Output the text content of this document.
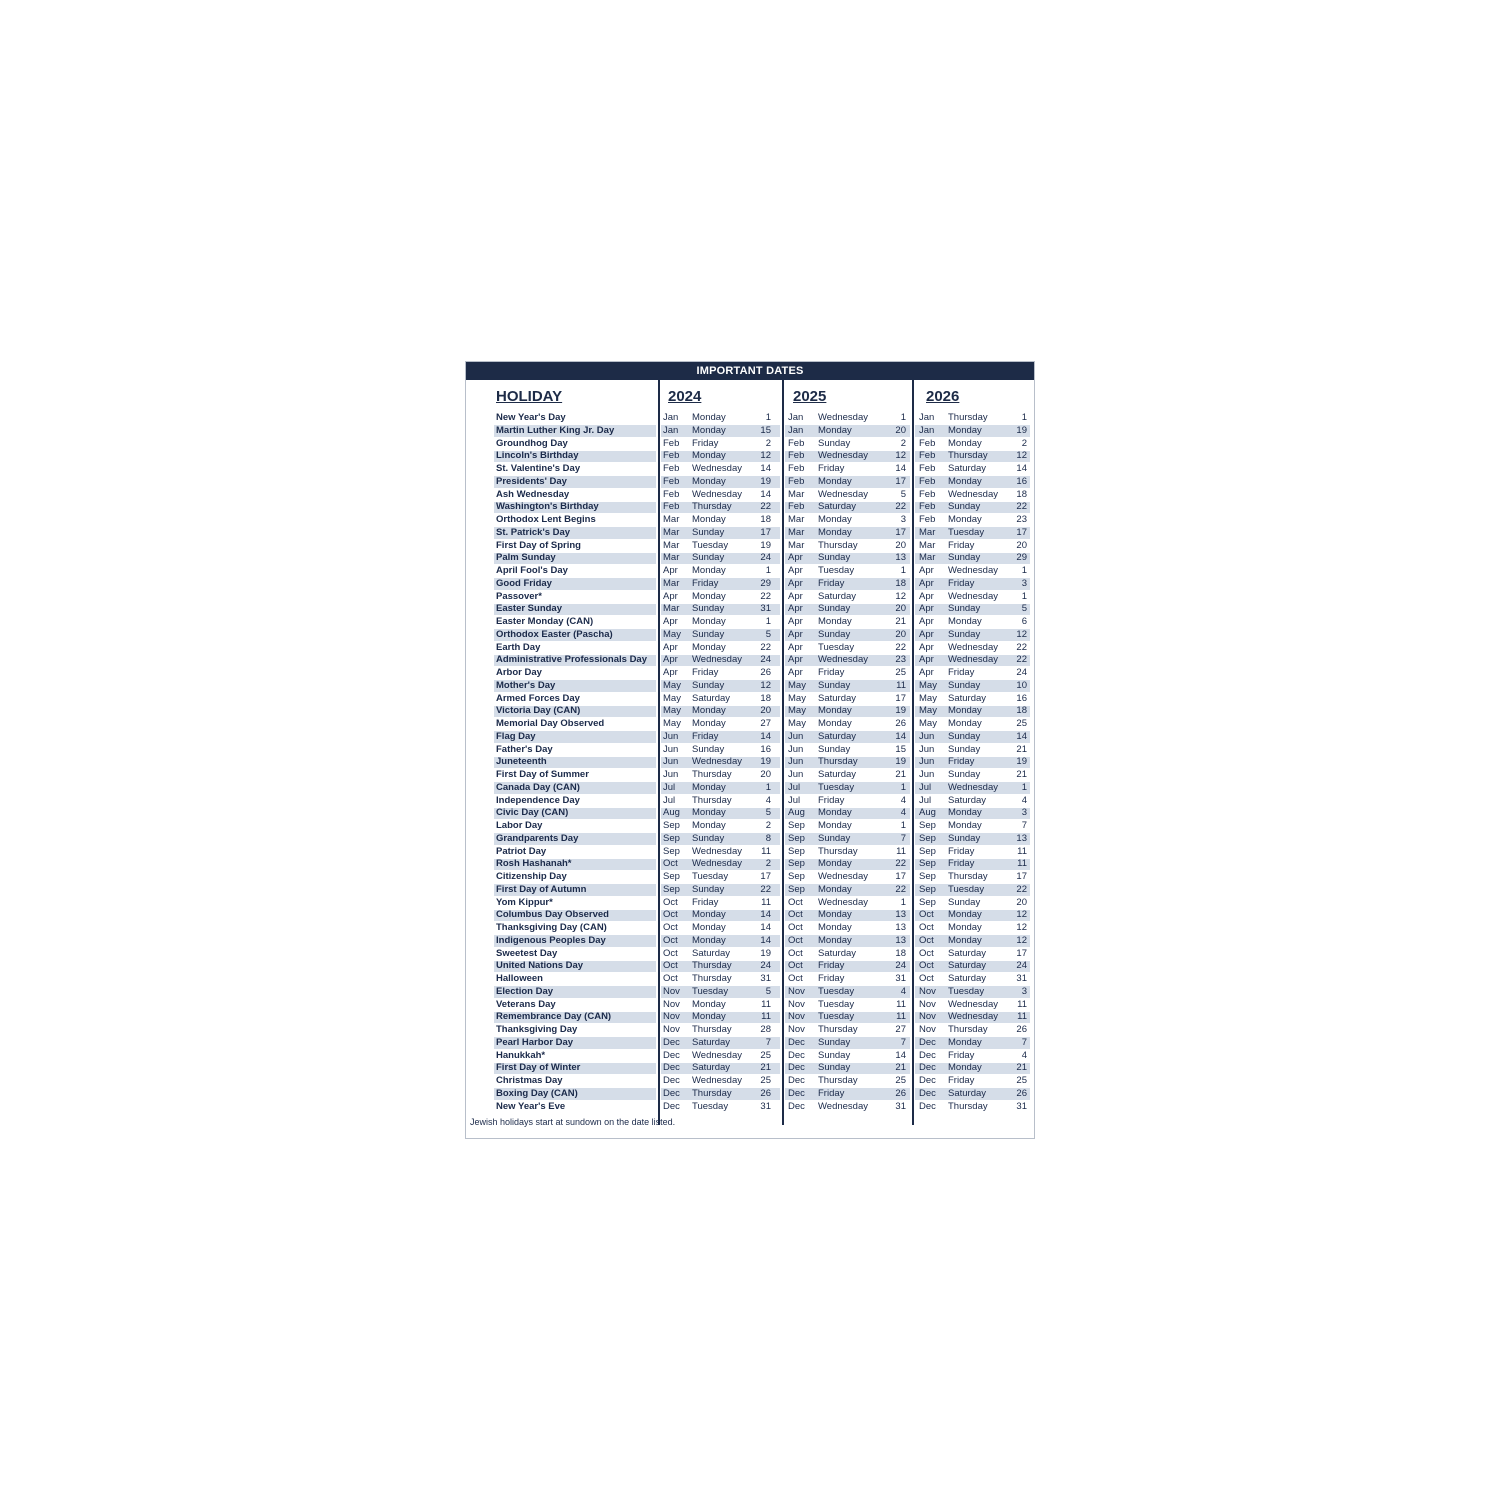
IMPORTANT DATES
HOLIDAY	2024	2025	2026
New Year's Day	Jan Monday	1 Jan Wednesday	1 Jan Thursday	1
Martin Luther King Jr. Day	Jan Monday	15 Jan Monday	20 Jan Monday	19
Groundhog Day	Feb Friday	2 Feb Sunday	2 Feb Monday	2
Lincoln's Birthday	Feb Monday	12 Feb Wednesday	12 Feb Thursday	12
St. Valentine's Day	Feb Wednesday	14 Feb Friday	14 Feb Saturday	14
Presidents' Day	Feb Monday	19 Feb Monday	17 Feb Monday	16
Ash Wednesday	Feb Wednesday	14 Mar Wednesday	5 Feb Wednesday	18
Washington's Birthday	Feb Thursday	22 Feb Saturday	22 Feb Sunday	22
Orthodox Lent Begins	Mar Monday	18 Mar Monday	3 Feb Monday	23
St. Patrick's Day	Mar Sunday	17 Mar Monday	17 Mar Tuesday	17
First Day of Spring	Mar Tuesday	19 Mar Thursday	20 Mar Friday	20
Palm Sunday	Mar Sunday	24 Apr Sunday	13 Mar Sunday	29
April Fool's Day	Apr Monday	1 Apr Tuesday	1 Apr Wednesday	1
Good Friday	Mar Friday	29 Apr Friday	18 Apr Friday	3
Passover*	Apr Monday	22 Apr Saturday	12 Apr Wednesday	1
Easter Sunday	Mar Sunday	31 Apr Sunday	20 Apr Sunday	5
Easter Monday (CAN)	Apr Monday	1 Apr Monday	21 Apr Monday	6
Orthodox Easter (Pascha)	May Sunday	5 Apr Sunday	20 Apr Sunday	12
Earth Day	Apr Monday	22 Apr Tuesday	22 Apr Wednesday	22
Administrative Professionals Day Apr Wednesday	24 Apr Wednesday	23 Apr Wednesday	22
Arbor Day	Apr Friday	26 Apr Friday	25 Apr Friday	24
Mother's Day	May Sunday	12 May Sunday	11 May Sunday	10
Armed Forces Day	May Saturday	18 May Saturday	17 May Saturday	16
Victoria Day (CAN)	May Monday	20 May Monday	19 May Monday	18
Memorial Day Observed	May Monday	27 May Monday	26 May Monday	25
Flag Day	Jun Friday	14 Jun Saturday	14 Jun Sunday	14
Father's Day	Jun Sunday	16 Jun Sunday	15 Jun Sunday	21
Juneteenth	Jun Wednesday	19 Jun Thursday	19 Jun Friday	19
First Day of Summer	Jun Thursday	20 Jun Saturday	21 Jun Sunday	21
Canada Day (CAN)	Jul Monday	1 Jul Tuesday	1 Jul Wednesday	1
Independence Day	Jul Thursday	4 Jul Friday	4 Jul Saturday	4
Civic Day (CAN)	Aug Monday	5 Aug Monday	4 Aug Monday	3
Labor Day	Sep Monday	2 Sep Monday	1 Sep Monday	7
Grandparents Day	Sep Sunday	8 Sep Sunday	7 Sep Sunday	13
Patriot Day	Sep Wednesday	11 Sep Thursday	11 Sep Friday	11
Rosh Hashanah*	Oct Wednesday	2 Sep Monday	22 Sep Friday	11
Citizenship Day	Sep Tuesday	17 Sep Wednesday	17 Sep Thursday	17
First Day of Autumn	Sep Sunday	22 Sep Monday	22 Sep Tuesday	22
Yom Kippur*	Oct Friday	11 Oct Wednesday	1 Sep Sunday	20
Columbus Day Observed	Oct Monday	14 Oct Monday	13 Oct Monday	12
Thanksgiving Day (CAN)	Oct Monday	14 Oct Monday	13 Oct Monday	12
Indigenous Peoples Day	Oct Monday	14 Oct Monday	13 Oct Monday	12
Sweetest Day	Oct Saturday	19 Oct Saturday	18 Oct Saturday	17
United Nations Day	Oct Thursday	24 Oct Friday	24 Oct Saturday	24
Halloween	Oct Thursday	31 Oct Friday	31 Oct Saturday	31
Election Day	Nov Tuesday	5 Nov Tuesday	4 Nov Tuesday	3
Veterans Day	Nov Monday	11 Nov Tuesday	11 Nov Wednesday	11
Remembrance Day (CAN)	Nov Monday	11 Nov Tuesday	11 Nov Wednesday	11
Thanksgiving Day	Nov Thursday	28 Nov Thursday	27 Nov Thursday	26
Pearl Harbor Day	Dec Saturday	7 Dec Sunday	7 Dec Monday	7
Hanukkah*	Dec Wednesday	25 Dec Sunday	14 Dec Friday	4
First Day of Winter	Dec Saturday	21 Dec Sunday	21 Dec Monday	21
Christmas Day	Dec Wednesday	25 Dec Thursday	25 Dec Friday	25
Boxing Day (CAN)	Dec Thursday	26 Dec Friday	26 Dec Saturday	26
New Year's Eve	Dec Tuesday	31 Dec Wednesday	31 Dec Thursday	31
Jewish holidays start at sundown on the date listed.
